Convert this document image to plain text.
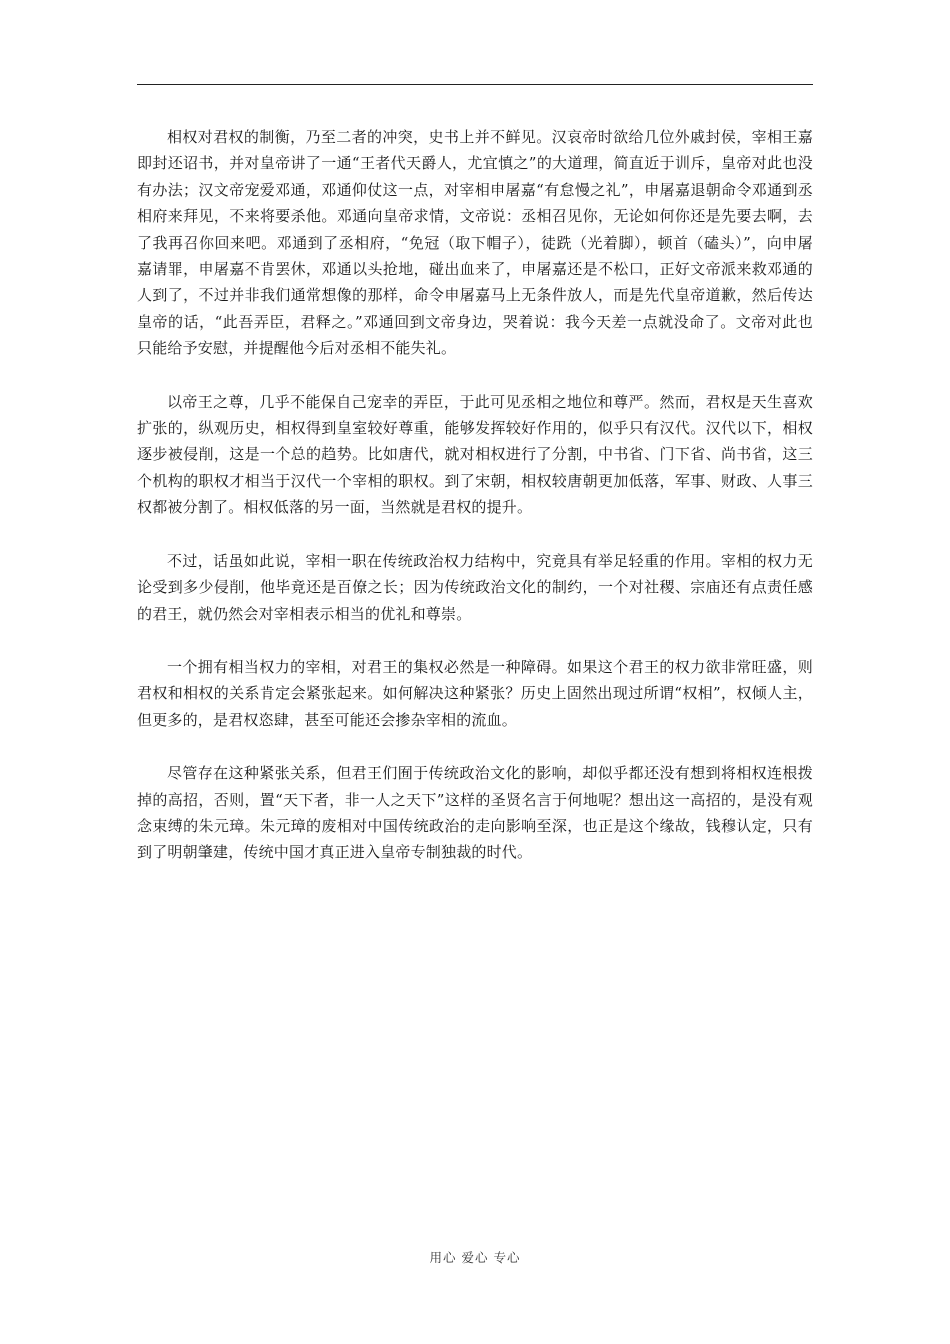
相权对君权的制衡，乃至二者的冲突，史书上并不鲜见。汉哀帝时欲给几位外戚封侯，宰相王嘉即封还诏书，并对皇帝讲了一通“王者代天爵人，尤宜慎之”的大道理，简直近于训斥，皇帝对此也没有办法；汉文帝宠爱邓通，邓通仰仗这一点，对宰相申屠嘉“有怠慢之礼”，申屠嘉退朝命令邓通到丞相府来拜见，不来将要杀他。邓通向皇帝求情，文帝说：丞相召见你，无论如何你还是先要去啊，去了我再召你回来吧。邓通到了丞相府，“免冠（取下帽子），徒跣（光着脚），顿首（磕头）”，向申屠嘉请罪，申屠嘉不肯罢休，邓通以头抢地，碰出血来了，申屠嘉还是不松口，正好文帝派来救邓通的人到了，不过并非我们通常想像的那样，命令申屠嘉马上无条件放人，而是先代皇帝道歉，然后传达皇帝的话，“此吾弄臣，君释之。”邓通回到文帝身边，哭着说：我今天差一点就没命了。文帝对此也只能给予安慰，并提醒他今后对丞相不能失礼。

以帝王之尊，几乎不能保自己宠幸的弄臣，于此可见丞相之地位和尊严。然而，君权是天生喜欢扩张的，纵观历史，相权得到皇室较好尊重，能够发挥较好作用的，似乎只有汉代。汉代以下，相权逐步被侵削，这是一个总的趋势。比如唐代，就对相权进行了分割，中书省、门下省、尚书省，这三个机构的职权才相当于汉代一个宰相的职权。到了宋朝，相权较唐朝更加低落，军事、财政、人事三权都被分割了。相权低落的另一面，当然就是君权的提升。

不过，话虽如此说，宰相一职在传统政治权力结构中，究竟具有举足轻重的作用。宰相的权力无论受到多少侵削，他毕竟还是百僚之长；因为传统政治文化的制约，一个对社稷、宗庙还有点责任感的君王，就仍然会对宰相表示相当的优礼和尊崇。

一个拥有相当权力的宰相，对君王的集权必然是一种障碍。如果这个君王的权力欲非常旺盛，则君权和相权的关系肯定会紧张起来。如何解决这种紧张？历史上固然出现过所谓“权相”，权倾人主，但更多的，是君权恣肆，甚至可能还会掺杂宰相的流血。

尽管存在这种紧张关系，但君王们囿于传统政治文化的影响，却似乎都还没有想到将相权连根拨掉的高招，否则，置“天下者，非一人之天下”这样的圣贤名言于何地呢？想出这一高招的，是没有观念束缚的朱元璋。朱元璋的废相对中国传统政治的走向影响至深，也正是这个缘故，钱穆认定，只有到了明朝肇建，传统中国才真正进入皇帝专制独裁的时代。

用心 爱心 专心
